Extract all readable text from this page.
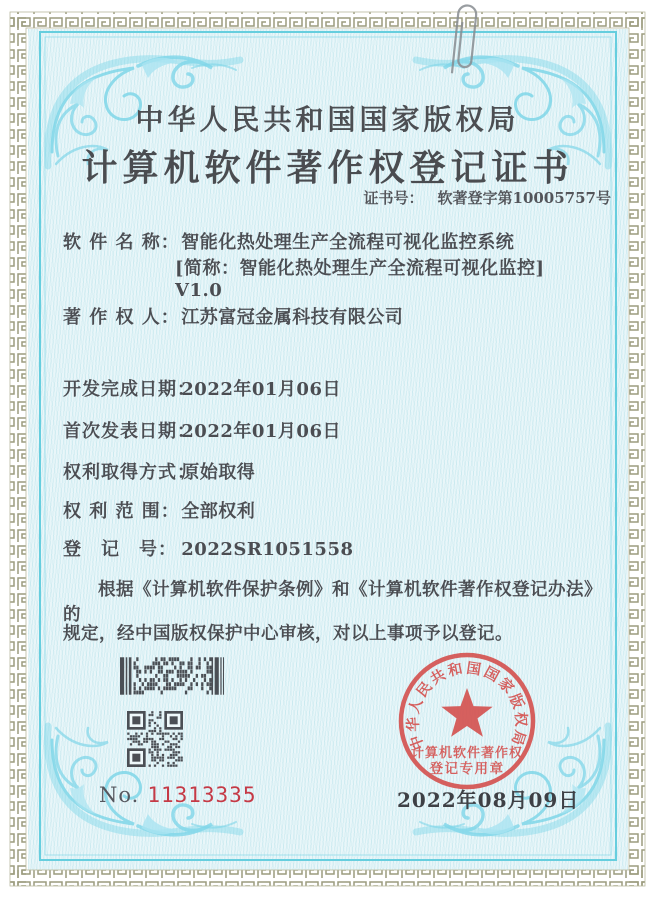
中华人民共和国国家版权局
计算机软件著作权登记证书
证书号： 软著登字第10005757号
软 件 名 称： 智能化热处理生产全流程可视化监控系统
[简称：智能化热处理生产全流程可视化监控]
V1.0
著 作 权 人： 江苏富冠金属科技有限公司
开发完成日期： 2022年01月06日
首次发表日期： 2022年01月06日
权利取得方式： 原始取得
权 利 范 围： 全部权利
登　记　号： 2022SR1051558
根据《计算机软件保护条例》和《计算机软件著作权登记办法》的
规定，经中国版权保护中心审核，对以上事项予以登记。
No. 11313335
中华人民共和国国家版权局
计算机软件著作权
登记专用章
2022年08月09日
